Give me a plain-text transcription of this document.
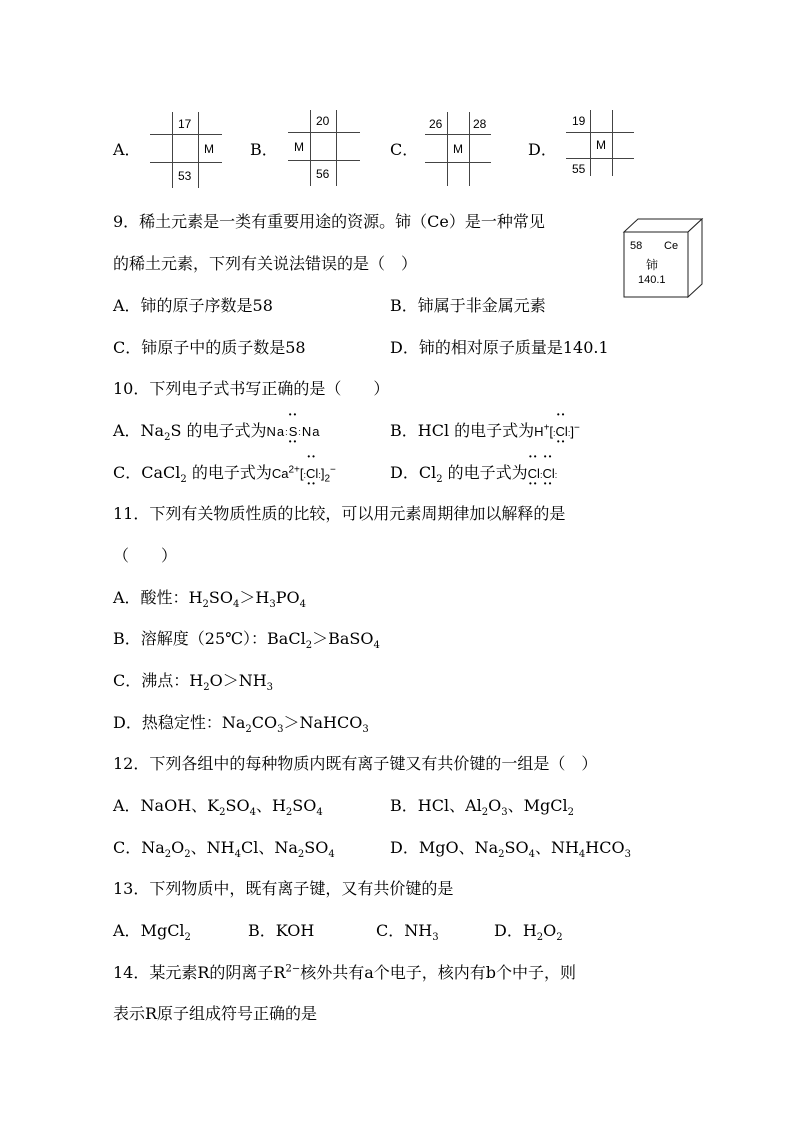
A．
17
M
53
B．
20
M
56
C．
26	28
M	D．
19
M
55
9．稀土元素是一类有重要用途的资源。铈（Ce）是一种常见
的稀土元素，下列有关说法错误的是（　）
58 Ce
铈
140.1
A．铈的原子序数是58	B．铈属于非金属元素
C．铈原子中的质子数是58	D．铈的相对原子质量是140.1
10．下列电子式书写正确的是（　　）
A．$Na_2S$ 的电子式为Na:
••
S
••
:Na	B．HCl 的电子式为H+[:
••
Cl
••
:]−
C．CaCl$_2$ 的电子式为$Ca^{2+}$[:
••
Cl
••
$:]_2^-$	D．$Cl_2$ 的电子式为
••
Cl
••
:
••
Cl
••
:
11．下列有关物质性质的比较，可以用元素周期律加以解释的是
（　　）
A．酸性：$H_2SO_4>H_3PO_4$
B．溶解度（25℃）：BaCl$_2$＞BaSO$_4$
C．沸点：$H_2O>NH_3$
D．热稳定性：$Na_2CO_3>NaHCO_3$
12．下列各组中的每种物质内既有离子键又有共价键的一组是（　）
A．NaOH、$K_2SO_4$、$H_2SO_4$	B．HCl、$Al_2O_3$、MgCl$_2$
C．$Na_2O_2$、$NH_4Cl$、$Na_2SO_4$	D．MgO、$Na_2SO_4$、$NH_4HCO_3$
13．下列物质中，既有离子键，又有共价键的是
A．MgCl$_2$	B．KOH	C．$NH_3$	D．$H_2O_2$
14．某元素R的阴离子$R^{2-}$核外共有a个电子，核内有b个中子，则
表示R原子组成符号正确的是
